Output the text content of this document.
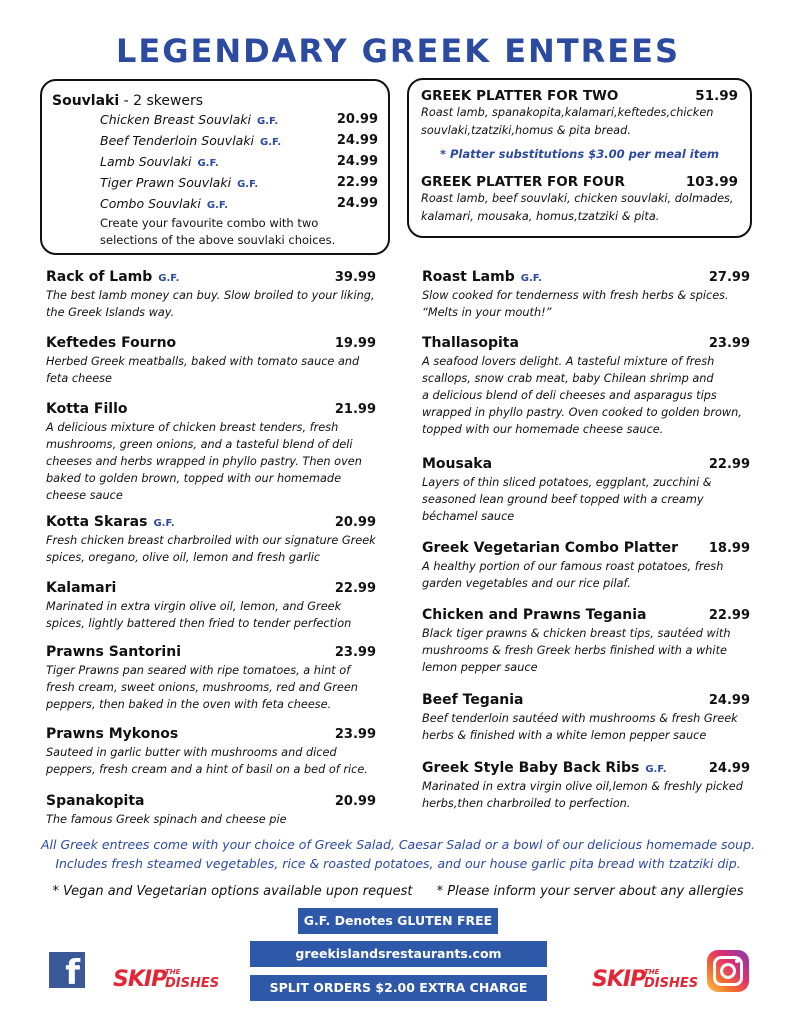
LEGENDARY GREEK ENTREES
Souvlaki - 2 skewers
Chicken Breast Souvlaki G.F.	20.99
Beef Tenderloin Souvlaki G.F.	24.99
Lamb Souvlaki G.F.	24.99
Tiger Prawn Souvlaki G.F.	22.99
Combo Souvlaki G.F.	24.99
Create your favourite combo with two
selections of the above souvlaki choices.
GREEK PLATTER FOR TWO	51.99
Roast lamb, spanakopita,kalamari,keftedes,chicken
souvlaki,tzatziki,homus & pita bread.
* Platter substitutions $3.00 per meal item
GREEK PLATTER FOR FOUR	103.99
Roast lamb, beef souvlaki, chicken souvlaki, dolmades,
kalamari, mousaka, homus,tzatziki & pita.
Rack of Lamb G.F.	39.99
The best lamb money can buy. Slow broiled to your liking,
the Greek Islands way.
Keftedes Fourno	19.99
Herbed Greek meatballs, baked with tomato sauce and
feta cheese
Kotta Fillo	21.99
A delicious mixture of chicken breast tenders, fresh
mushrooms, green onions, and a tasteful blend of deli
cheeses and herbs wrapped in phyllo pastry. Then oven
baked to golden brown, topped with our homemade
cheese sauce
Kotta Skaras G.F.	20.99
Fresh chicken breast charbroiled with our signature Greek
spices, oregano, olive oil, lemon and fresh garlic
Kalamari	22.99
Marinated in extra virgin olive oil, lemon, and Greek
spices, lightly battered then fried to tender perfection
Prawns Santorini	23.99
Tiger Prawns pan seared with ripe tomatoes, a hint of
fresh cream, sweet onions, mushrooms, red and Green
peppers, then baked in the oven with feta cheese.
Prawns Mykonos	23.99
Sauteed in garlic butter with mushrooms and diced
peppers, fresh cream and a hint of basil on a bed of rice.
Spanakopita	20.99
The famous Greek spinach and cheese pie
Roast Lamb G.F.	27.99
Slow cooked for tenderness with fresh herbs & spices.
“Melts in your mouth!”
Thallasopita	23.99
A seafood lovers delight. A tasteful mixture of fresh
scallops, snow crab meat, baby Chilean shrimp and
a delicious blend of deli cheeses and asparagus tips
wrapped in phyllo pastry. Oven cooked to golden brown,
topped with our homemade cheese sauce.
Mousaka	22.99
Layers of thin sliced potatoes, eggplant, zucchini &
seasoned lean ground beef topped with a creamy
béchamel sauce
Greek Vegetarian Combo Platter 18.99
A healthy portion of our famous roast potatoes, fresh
garden vegetables and our rice pilaf.
Chicken and Prawns Tegania	22.99
Black tiger prawns & chicken breast tips, sautéed with
mushrooms & fresh Greek herbs finished with a white
lemon pepper sauce
Beef Tegania	24.99
Beef tenderloin sautéed with mushrooms & fresh Greek
herbs & finished with a white lemon pepper sauce
Greek Style Baby Back Ribs G.F.	24.99
Marinated in extra virgin olive oil,lemon & freshly picked
herbs,then charbroiled to perfection.
All Greek entrees come with your choice of Greek Salad, Caesar Salad or a bowl of our delicious homemade soup.
Includes fresh steamed vegetables, rice & roasted potatoes, and our house garlic pita bread with tzatziki dip.
* Vegan and Vegetarian options available upon request * Please inform your server about any allergies
G.F. Denotes GLUTEN FREE
greekislandsrestaurants.com
SPLIT ORDERS $2.00 EXTRA CHARGE
f SKIP
THE
DISHES	SKIP
THE
DISHES
